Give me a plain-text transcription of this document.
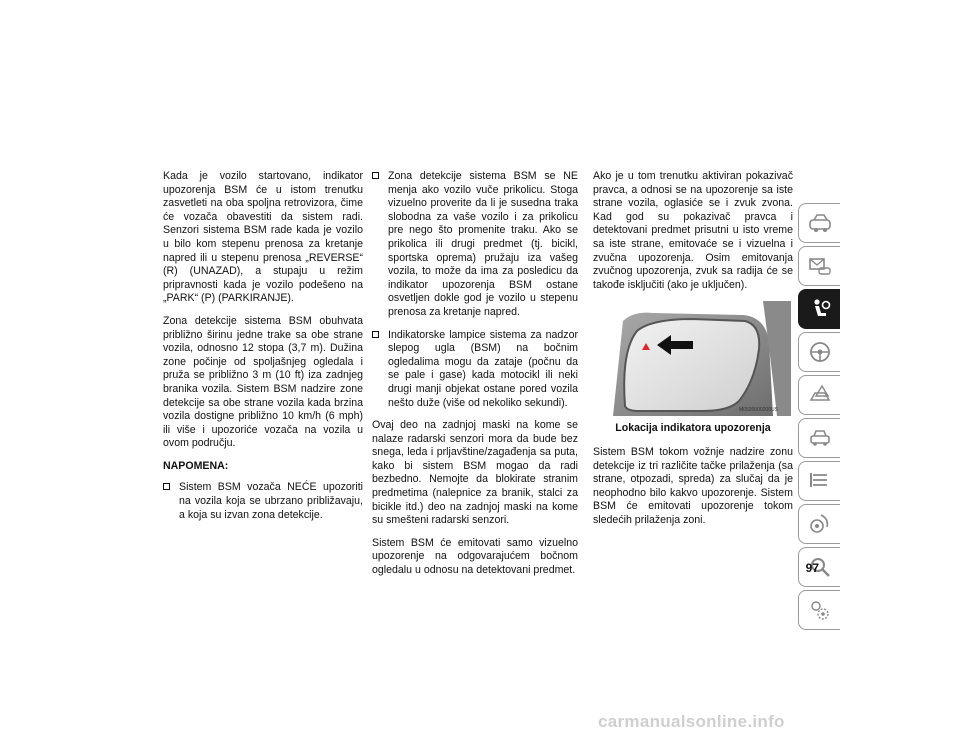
Kada je vozilo startovano, indikator upozorenja BSM će u istom trenutku zasvetleti na oba spoljna retrovizora, čime će vozača obavestiti da sistem radi. Senzori sistema BSM rade kada je vozilo u bilo kom stepenu prenosa za kretanje napred ili u stepenu prenosa „REVERSE“ (R) (UNAZAD), a stupaju u režim pripravnosti kada je vozilo podešeno na „PARK“ (P) (PARKIRANJE).

Zona detekcije sistema BSM obuhvata približno širinu jedne trake sa obe strane vozila, odnosno 12 stopa (3,7 m). Dužina zone počinje od spoljašnjeg ogledala i pruža se približno 3 m (10 ft) iza zadnjeg branika vozila. Sistem BSM nadzire zone detekcije sa obe strane vozila kada brzina vozila dostigne približno 10 km/h (6 mph) ili više i upozoriće vozača na vozila u ovom području.

NAPOMENA:
Sistem BSM vozača NEĆE upozoriti na vozila koja se ubrzano približavaju, a koja su izvan zona detekcije.
Zona detekcije sistema BSM se NE menja ako vozilo vuče prikolicu. Stoga vizuelno proverite da li je susedna traka slobodna za vaše vozilo i za prikolicu pre nego što promenite traku. Ako se prikolica ili drugi predmet (tj. bicikl, sportska oprema) pružaju iza vašeg vozila, to može da ima za posledicu da indikator upozorenja BSM ostane osvetljen dokle god je vozilo u stepenu prenosa za kretanje napred.
Indikatorske lampice sistema za nadzor slepog ugla (BSM) na bočnim ogledalima mogu da zataje (počnu da se pale i gase) kada motocikl ili neki drugi manji objekat ostane pored vozila nešto duže (više od nekoliko sekundi).

Ovaj deo na zadnjoj maski na kome se nalaze radarski senzori mora da bude bez snega, leda i prljavštine/zagađenja sa puta, kako bi sistem BSM mogao da radi bezbedno. Nemojte da blokirate stranim predmetima (nalepnice za branik, stalci za bicikle itd.) deo na zadnjoj maski na kome su smešteni radarski senzori.

Sistem BSM će emitovati samo vizuelno upozorenje na odgovarajućem bočnom ogledalu u odnosu na detektovani predmet.

Ako je u tom trenutku aktiviran pokazivač pravca, a odnosi se na upozorenje sa iste strane vozila, oglasiće se i zvuk zvona. Kad god su pokazivač pravca i detektovani predmet prisutni u isto vreme sa iste strane, emitovaće se i vizuelna i zvučna upozorenja. Osim emitovanja zvučnog upozorenja, zvuk sa radija će se takođe isključiti (ako je uključen).

M0520000200US
Lokacija indikatora upozorenja

Sistem BSM tokom vožnje nadzire zonu detekcije iz tri različite tačke prilaženja (sa strane, otpozadi, spreda) za slučaj da je neophodno bilo kakvo upozorenje. Sistem BSM će emitovati upozorenje tokom sledećih prilaženja zoni.

97
carmanualsonline.info
